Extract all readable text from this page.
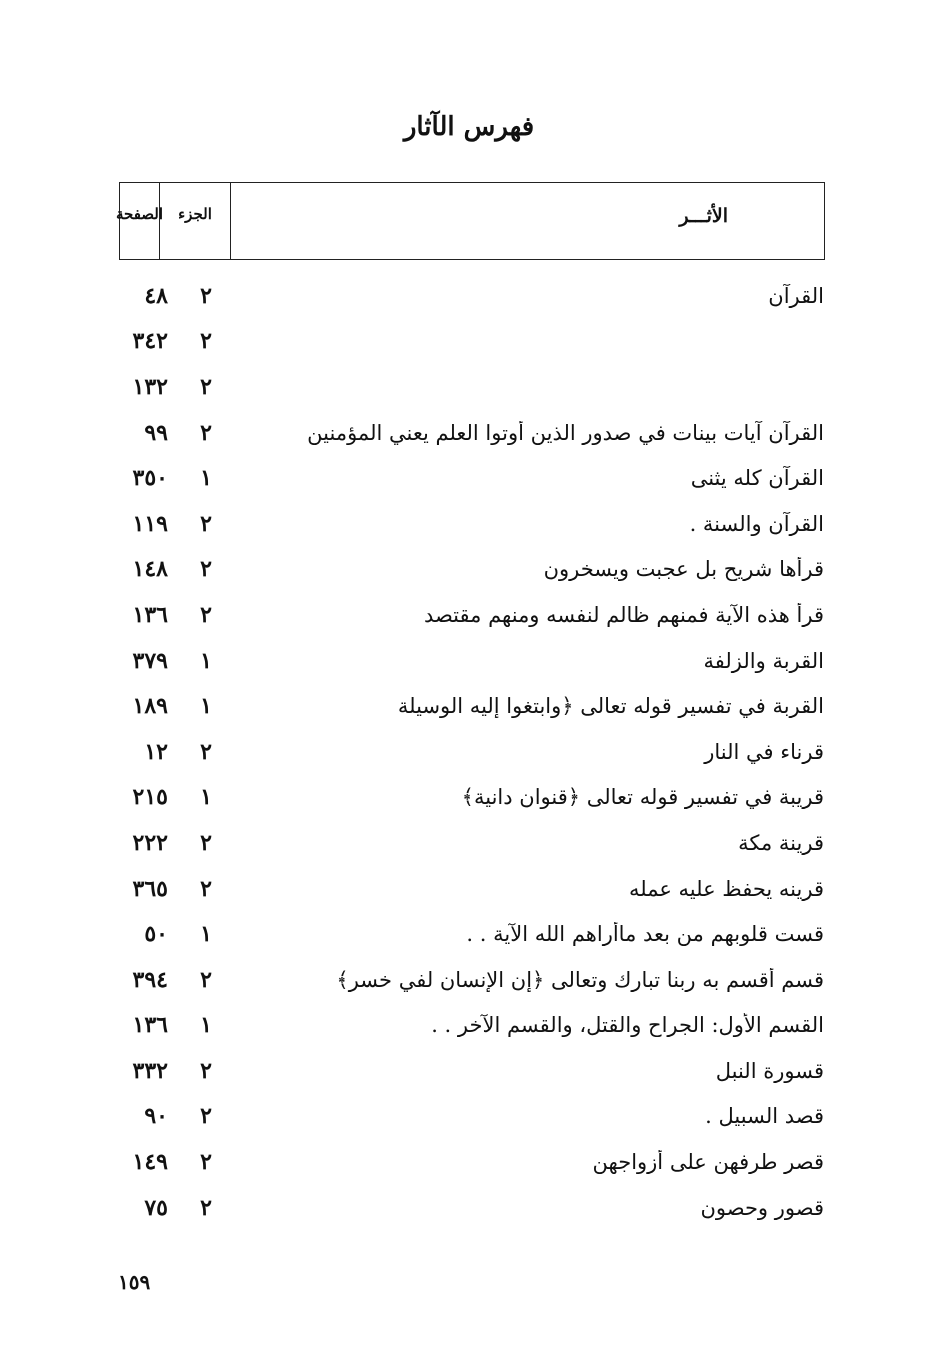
فهرس الآثار
الصفحة	الجزء	الأثـــر
٤٨ ٢	القرآن
٣٤٢ ٢
١٣٢ ٢
٩٩ ٢	القرآن آيات بينات في صدور الذين أوتوا العلم يعني المؤمنين
٣٥٠ ١	القرآن كله يثنى
١١٩ ٢	القرآن والسنة .
١٤٨ ٢	قرأها شريح بل عجبت ويسخرون
١٣٦ ٢	قرأ هذه الآية فمنهم ظالم لنفسه ومنهم مقتصد
٣٧٩ ١	القربة والزلفة
١٨٩ ١	القربة في تفسير قوله تعالى ﴿وابتغوا إليه الوسيلة
١٢ ٢	قرناء في النار
٢١٥ ١	قريبة في تفسير قوله تعالى ﴿قنوان دانية﴾
٢٢٢ ٢	قرينة مكة
٣٦٥ ٢	قرينه يحفظ عليه عمله
٥٠ ١	قست قلوبهم من بعد ماأراهم الله الآية . .
٣٩٤ ٢	قسم أقسم به ربنا تبارك وتعالى ﴿إن الإنسان لفي خسر﴾
١٣٦ ١	القسم الأول: الجراح والقتل، والقسم الآخر . .
٣٣٢ ٢	قسورة النبل
٩٠ ٢	قصد السبيل .
١٤٩ ٢	قصر طرفهن على أزواجهن
٧٥ ٢	قصور وحصون
١٥٩
